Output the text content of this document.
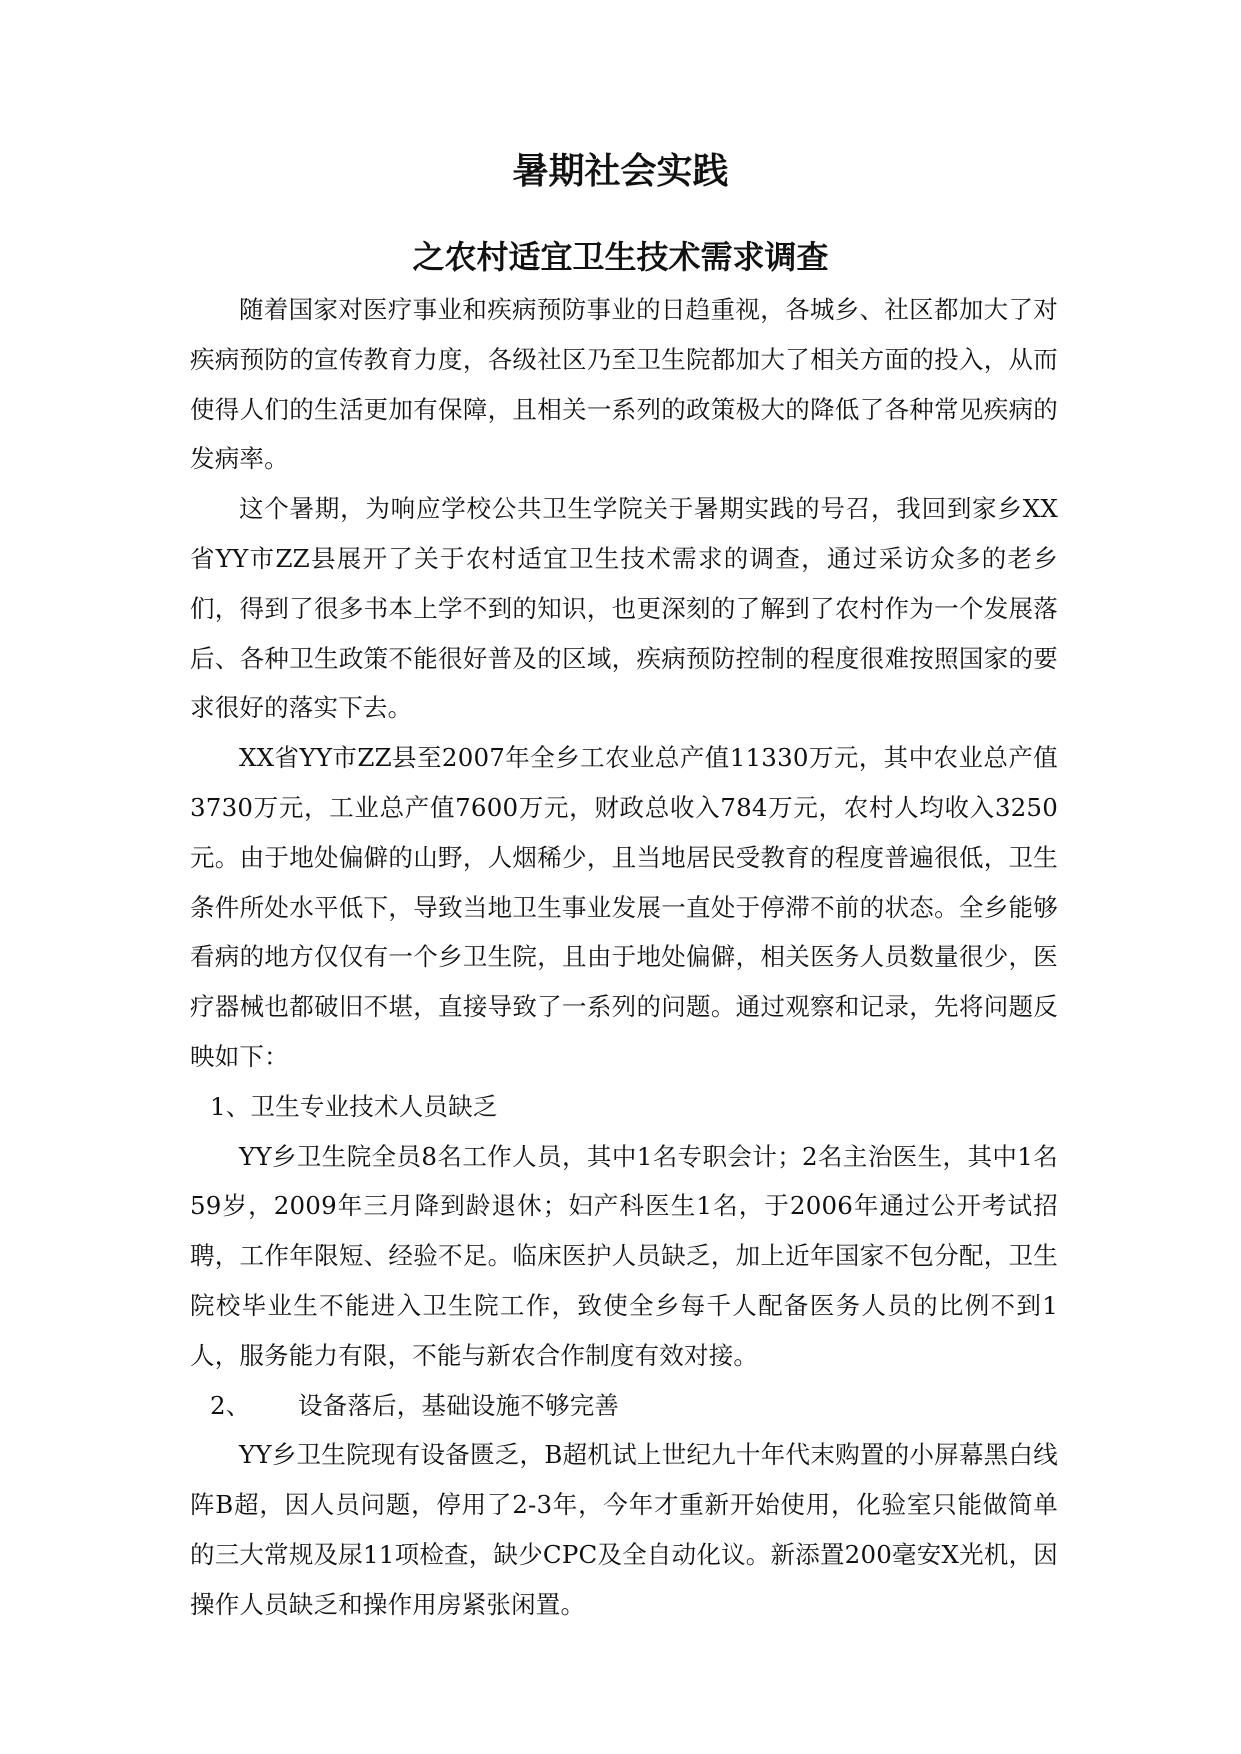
暑期社会实践
之农村适宜卫生技术需求调查

随着国家对医疗事业和疾病预防事业的日趋重视，各城乡、社区都加大了对疾病预防的宣传教育力度，各级社区乃至卫生院都加大了相关方面的投入，从而使得人们的生活更加有保障，且相关一系列的政策极大的降低了各种常见疾病的发病率。

这个暑期，为响应学校公共卫生学院关于暑期实践的号召，我回到家乡XX省YY市ZZ县展开了关于农村适宜卫生技术需求的调查，通过采访众多的老乡们，得到了很多书本上学不到的知识，也更深刻的了解到了农村作为一个发展落后、各种卫生政策不能很好普及的区域，疾病预防控制的程度很难按照国家的要求很好的落实下去。

XX省YY市ZZ县至2007年全乡工农业总产值11330万元，其中农业总产值3730万元，工业总产值7600万元，财政总收入784万元，农村人均收入3250元。由于地处偏僻的山野，人烟稀少，且当地居民受教育的程度普遍很低，卫生条件所处水平低下，导致当地卫生事业发展一直处于停滞不前的状态。全乡能够看病的地方仅仅有一个乡卫生院，且由于地处偏僻，相关医务人员数量很少，医疗器械也都破旧不堪，直接导致了一系列的问题。通过观察和记录，先将问题反映如下：

1、卫生专业技术人员缺乏

YY乡卫生院全员8名工作人员，其中1名专职会计；2名主治医生，其中1名59岁，2009年三月降到龄退休；妇产科医生1名，于2006年通过公开考试招聘，工作年限短、经验不足。临床医护人员缺乏，加上近年国家不包分配，卫生院校毕业生不能进入卫生院工作，致使全乡每千人配备医务人员的比例不到1人，服务能力有限，不能与新农合作制度有效对接。

2、 设备落后，基础设施不够完善

YY乡卫生院现有设备匮乏，B超机试上世纪九十年代末购置的小屏幕黑白线阵B超，因人员问题，停用了2-3年，今年才重新开始使用，化验室只能做简单的三大常规及尿11项检查，缺少CPC及全自动化议。新添置200毫安X光机，因操作人员缺乏和操作用房紧张闲置。
